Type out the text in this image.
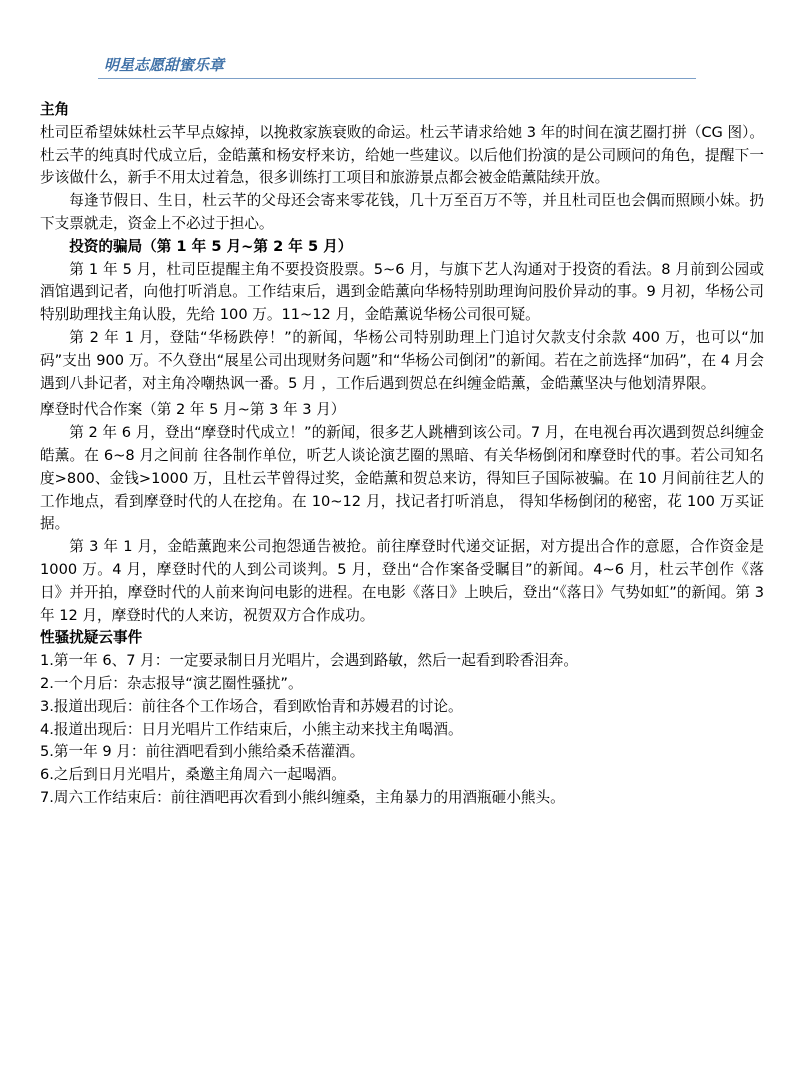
明星志愿甜蜜乐章

主角

杜司臣希望妹妹杜云芊早点嫁掉，以挽救家族衰败的命运。杜云芊请求给她 3 年的时间在演艺圈打拼（CG 图）。杜云芊的纯真时代成立后，金皓薰和杨安杼来访，给她一些建议。以后他们扮演的是公司顾问的角色，提醒下一步该做什么，新手不用太过着急，很多训练打工项目和旅游景点都会被金皓薰陆续开放。

每逢节假日、生日，杜云芊的父母还会寄来零花钱，几十万至百万不等，并且杜司臣也会偶而照顾小妹。扔下支票就走，资金上不必过于担心。

投资的骗局（第 1 年 5 月~第 2 年 5 月）

第 1 年 5 月，杜司臣提醒主角不要投资股票。5~6 月，与旗下艺人沟通对于投资的看法。8 月前到公园或酒馆遇到记者，向他打听消息。工作结束后，遇到金皓薰向华杨特别助理询问股价异动的事。9 月初，华杨公司特别助理找主角认股，先给 100 万。11~12 月，金皓薰说华杨公司很可疑。

第 2 年 1 月，登陆“华杨跌停！”的新闻，华杨公司特别助理上门追讨欠款支付余款 400 万，也可以“加码”支出 900 万。不久登出“展星公司出现财务问题”和“华杨公司倒闭”的新闻。若在之前选择“加码”，在 4 月会遇到八卦记者，对主角冷嘲热讽一番。5 月 ，工作后遇到贺总在纠缠金皓薰，金皓薰坚决与他划清界限。

摩登时代合作案（第 2 年 5 月~第 3 年 3 月）

第 2 年 6 月，登出“摩登时代成立！”的新闻，很多艺人跳槽到该公司。7 月，在电视台再次遇到贺总纠缠金皓薰。在 6~8 月之间前 往各制作单位，听艺人谈论演艺圈的黑暗、有关华杨倒闭和摩登时代的事。若公司知名度>800、金钱>1000 万，且杜云芊曾得过奖，金皓薰和贺总来访，得知巨子国际被骗。在 10 月间前往艺人的工作地点，看到摩登时代的人在挖角。在 10~12 月，找记者打听消息， 得知华杨倒闭的秘密，花 100 万买证据。

第 3 年 1 月，金皓薰跑来公司抱怨通告被抢。前往摩登时代递交证据，对方提出合作的意愿，合作资金是 1000 万。4 月，摩登时代的人到公司谈判。5 月，登出“合作案备受瞩目”的新闻。4~6 月，杜云芊创作《落日》并开拍，摩登时代的人前来询问电影的进程。在电影《落日》上映后，登出“《落日》气势如虹”的新闻。第 3 年 12 月，摩登时代的人来访，祝贺双方合作成功。

性骚扰疑云事件

1.第一年 6、7 月：一定要录制日月光唱片，会遇到路敏，然后一起看到聆香泪奔。

2.一个月后：杂志报导“演艺圈性骚扰”。

3.报道出现后：前往各个工作场合，看到欧怡青和苏嫚君的讨论。

4.报道出现后：日月光唱片工作结束后，小熊主动来找主角喝酒。

5.第一年 9 月：前往酒吧看到小熊给桑禾蓓灌酒。

6.之后到日月光唱片，桑邀主角周六一起喝酒。

7.周六工作结束后：前往酒吧再次看到小熊纠缠桑，主角暴力的用酒瓶砸小熊头。
